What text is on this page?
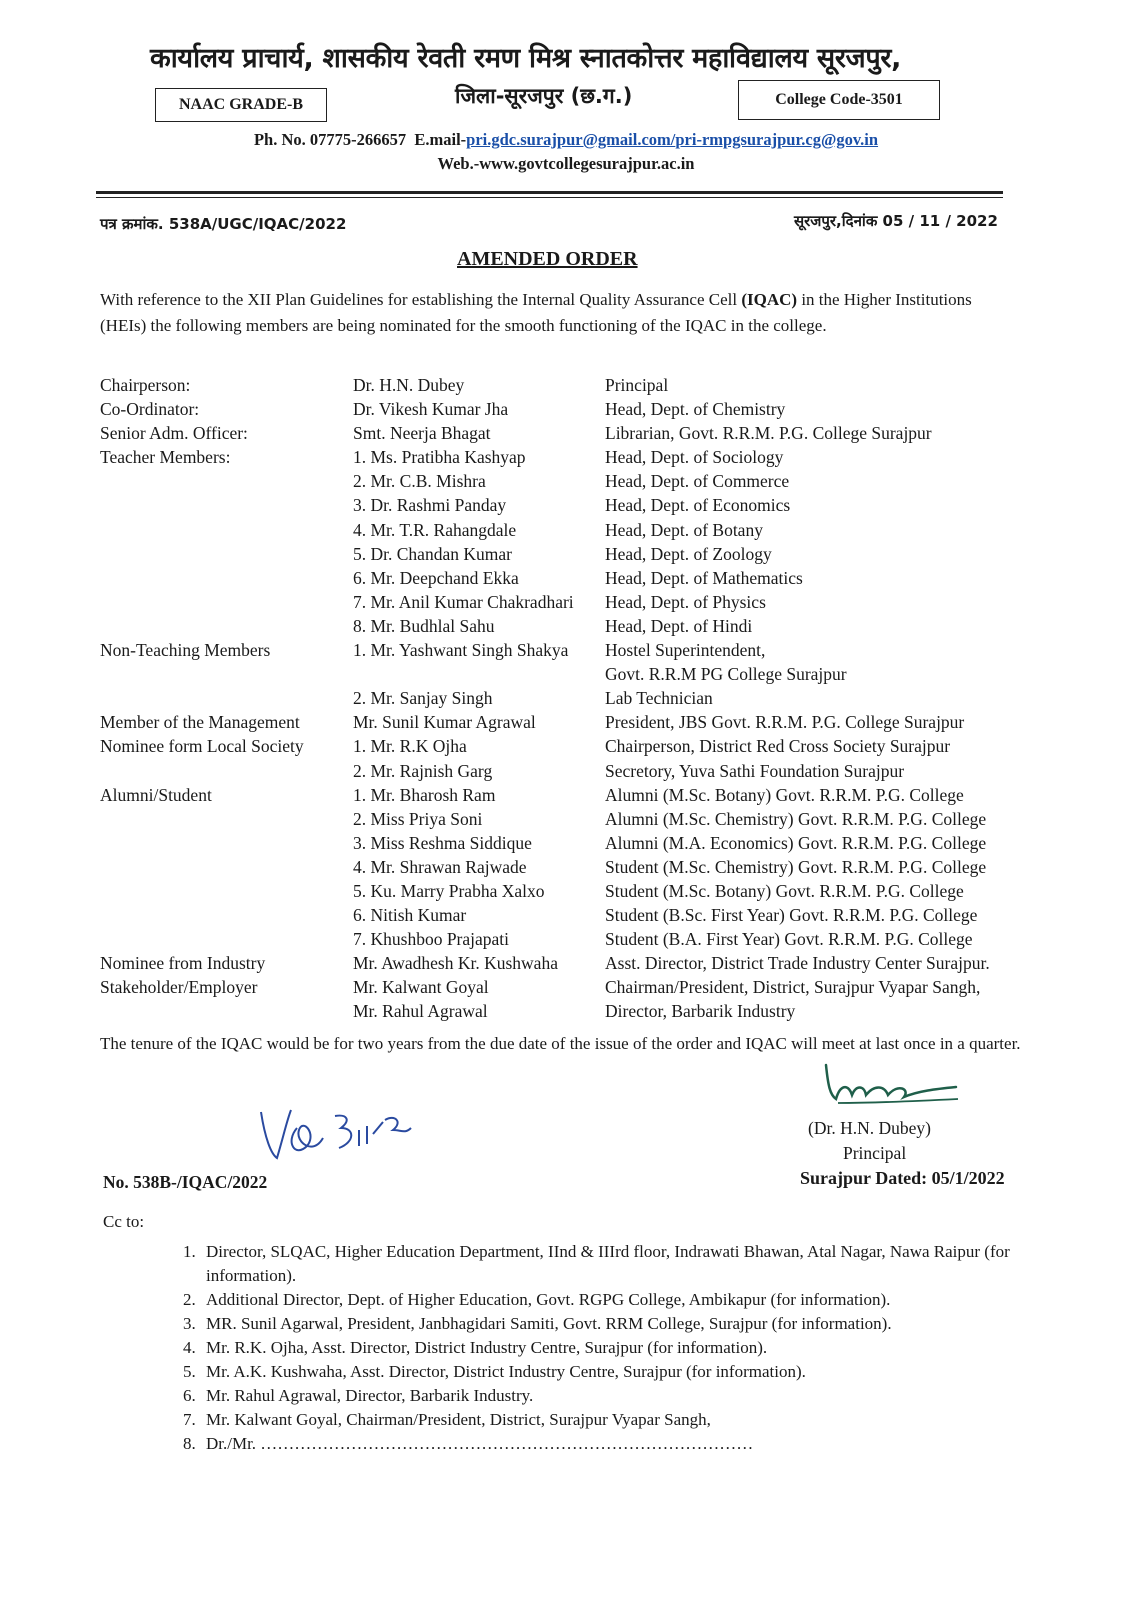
कार्यालय प्राचार्य, शासकीय रेवती रमण मिश्र स्नातकोत्तर महाविद्यालय सूरजपुर,
NAAC GRADE-B	जिला-सूरजपुर (छ.ग.)	College Code-3501
Ph. No. 07775-266657 E.mail-pri.gdc.surajpur@gmail.com/pri-rmpgsurajpur.cg@gov.in
Web.-www.govtcollegesurajpur.ac.in
पत्र क्रमांक. 538A/UGC/IQAC/2022	सूरजपुर,दिनांक 05 / 11 / 2022
AMENDED ORDER
With reference to the XII Plan Guidelines for establishing the Internal Quality Assurance Cell (IQAC) in the Higher Institutions (HEIs) the following members are being nominated for the smooth functioning of the IQAC in the college.
Chairperson:	Dr. H.N. Dubey	Principal
Co-Ordinator:	Dr. Vikesh Kumar Jha	Head, Dept. of Chemistry
Senior Adm. Officer:	Smt. Neerja Bhagat	Librarian, Govt. R.R.M. P.G. College Surajpur
Teacher Members:	1. Ms. Pratibha Kashyap	Head, Dept. of Sociology
2. Mr. C.B. Mishra	Head, Dept. of Commerce
3. Dr. Rashmi Panday	Head, Dept. of Economics
4. Mr. T.R. Rahangdale	Head, Dept. of Botany
5. Dr. Chandan Kumar	Head, Dept. of Zoology
6. Mr. Deepchand Ekka	Head, Dept. of Mathematics
7. Mr. Anil Kumar Chakradhari Head, Dept. of Physics
8. Mr. Budhlal Sahu	Head, Dept. of Hindi
Non-Teaching Members	1. Mr. Yashwant Singh Shakya Hostel Superintendent,
Govt. R.R.M PG College Surajpur
2. Mr. Sanjay Singh	Lab Technician
Member of the Management	Mr. Sunil Kumar Agrawal	President, JBS Govt. R.R.M. P.G. College Surajpur
Nominee form Local Society	1. Mr. R.K Ojha	Chairperson, District Red Cross Society Surajpur
2. Mr. Rajnish Garg	Secretory, Yuva Sathi Foundation Surajpur
Alumni/Student	1. Mr. Bharosh Ram	Alumni (M.Sc. Botany) Govt. R.R.M. P.G. College
2. Miss Priya Soni	Alumni (M.Sc. Chemistry) Govt. R.R.M. P.G. College
3. Miss Reshma Siddique	Alumni (M.A. Economics) Govt. R.R.M. P.G. College
4. Mr. Shrawan Rajwade	Student (M.Sc. Chemistry) Govt. R.R.M. P.G. College
5. Ku. Marry Prabha Xalxo	Student (M.Sc. Botany) Govt. R.R.M. P.G. College
6. Nitish Kumar	Student (B.Sc. First Year) Govt. R.R.M. P.G. College
7. Khushboo Prajapati	Student (B.A. First Year) Govt. R.R.M. P.G. College
Nominee from Industry	Mr. Awadhesh Kr. Kushwaha	Asst. Director, District Trade Industry Center Surajpur.
Stakeholder/Employer	Mr. Kalwant Goyal	Chairman/President, District, Surajpur Vyapar Sangh,
Mr. Rahul Agrawal	Director, Barbarik Industry
The tenure of the IQAC would be for two years from the due date of the issue of the order and IQAC will meet at last once in a quarter.
(Dr. H.N. Dubey)
Principal
Surajpur Dated: 05/1/2022
No. 538B-/IQAC/2022
Cc to:
1. Director, SLQAC, Higher Education Department, IInd & IIIrd floor, Indrawati Bhawan, Atal Nagar, Nawa Raipur (for information).
2. Additional Director, Dept. of Higher Education, Govt. RGPG College, Ambikapur (for information).
3. MR. Sunil Agarwal, President, Janbhagidari Samiti, Govt. RRM College, Surajpur (for information).
4. Mr. R.K. Ojha, Asst. Director, District Industry Centre, Surajpur (for information).
5. Mr. A.K. Kushwaha, Asst. Director, District Industry Centre, Surajpur (for information).
6. Mr. Rahul Agrawal, Director, Barbarik Industry.
7. Mr. Kalwant Goyal, Chairman/President, District, Surajpur Vyapar Sangh,
8. Dr./Mr. ……………………………………………………………………………
